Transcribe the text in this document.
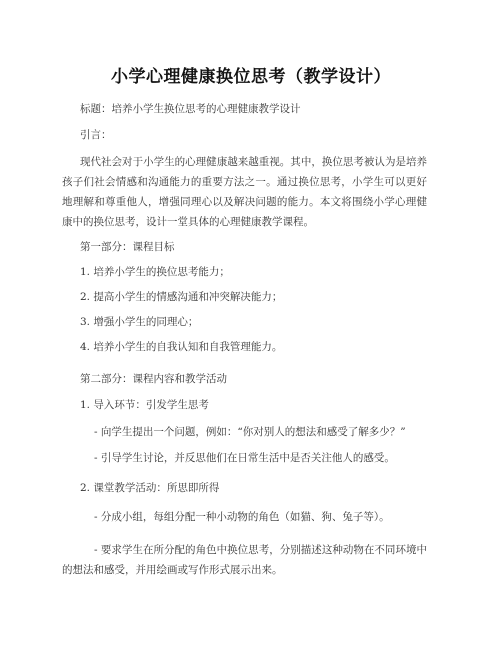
小学心理健康换位思考（教学设计）
标题：培养小学生换位思考的心理健康教学设计
引言：
现代社会对于小学生的心理健康越来越重视。其中，换位思考被认为是培养孩子们社会情感和沟通能力的重要方法之一。通过换位思考，小学生可以更好地理解和尊重他人，增强同理心以及解决问题的能力。本文将围绕小学心理健康中的换位思考，设计一堂具体的心理健康教学课程。
第一部分：课程目标
1. 培养小学生的换位思考能力；
2. 提高小学生的情感沟通和冲突解决能力；
3. 增强小学生的同理心；
4. 培养小学生的自我认知和自我管理能力。
第二部分：课程内容和教学活动
1. 导入环节：引发学生思考
- 向学生提出一个问题，例如：“你对别人的想法和感受了解多少？”
- 引导学生讨论，并反思他们在日常生活中是否关注他人的感受。
2. 课堂教学活动：所思即所得
- 分成小组，每组分配一种小动物的角色（如猫、狗、兔子等）。
- 要求学生在所分配的角色中换位思考，分别描述这种动物在不同环境中的想法和感受，并用绘画或写作形式展示出来。
